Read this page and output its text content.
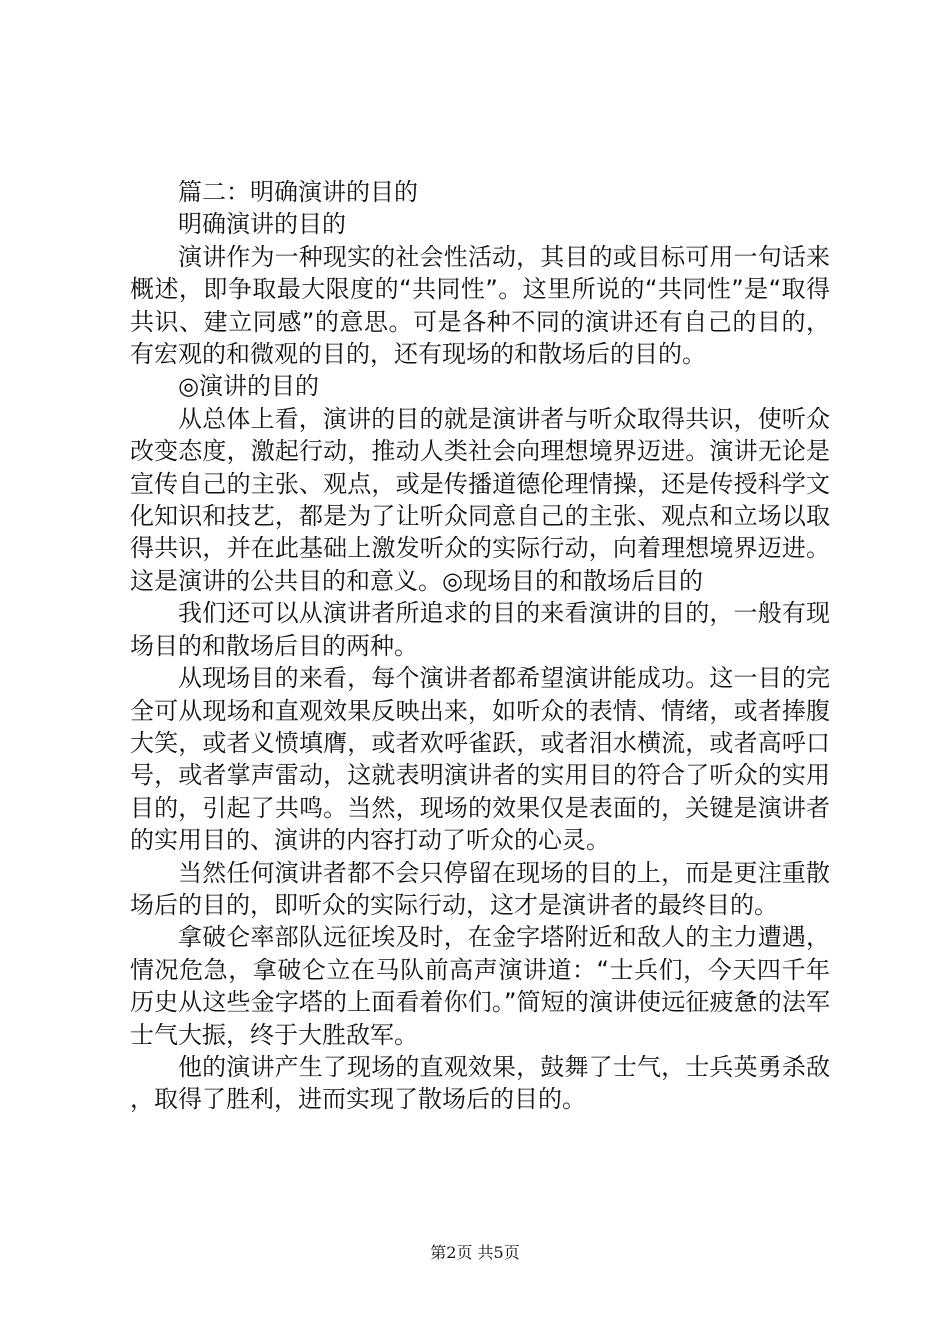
篇二：明确演讲的目的

明确演讲的目的

演讲作为一种现实的社会性活动，其目的或目标可用一句话来概述，即争取最大限度的“共同性”。这里所说的“共同性”是“取得共识、建立同感”的意思。可是各种不同的演讲还有自己的目的，有宏观的和微观的目的，还有现场的和散场后的目的。

◎演讲的目的

从总体上看，演讲的目的就是演讲者与听众取得共识，使听众改变态度，激起行动，推动人类社会向理想境界迈进。演讲无论是宣传自己的主张、观点，或是传播道德伦理情操，还是传授科学文化知识和技艺，都是为了让听众同意自己的主张、观点和立场以取得共识，并在此基础上激发听众的实际行动，向着理想境界迈进。这是演讲的公共目的和意义。◎现场目的和散场后目的

我们还可以从演讲者所追求的目的来看演讲的目的，一般有现场目的和散场后目的两种。

从现场目的来看，每个演讲者都希望演讲能成功。这一目的完全可从现场和直观效果反映出来，如听众的表情、情绪，或者捧腹大笑，或者义愤填膺，或者欢呼雀跃，或者泪水横流，或者高呼口号，或者掌声雷动，这就表明演讲者的实用目的符合了听众的实用目的，引起了共鸣。当然，现场的效果仅是表面的，关键是演讲者的实用目的、演讲的内容打动了听众的心灵。

当然任何演讲者都不会只停留在现场的目的上，而是更注重散场后的目的，即听众的实际行动，这才是演讲者的最终目的。

拿破仑率部队远征埃及时，在金字塔附近和敌人的主力遭遇，情况危急，拿破仑立在马队前高声演讲道：“士兵们，今天四千年历史从这些金字塔的上面看着你们。”简短的演讲使远征疲惫的法军士气大振，终于大胜敌军。

他的演讲产生了现场的直观效果，鼓舞了士气，士兵英勇杀敌，取得了胜利，进而实现了散场后的目的。

第2页 共5页
